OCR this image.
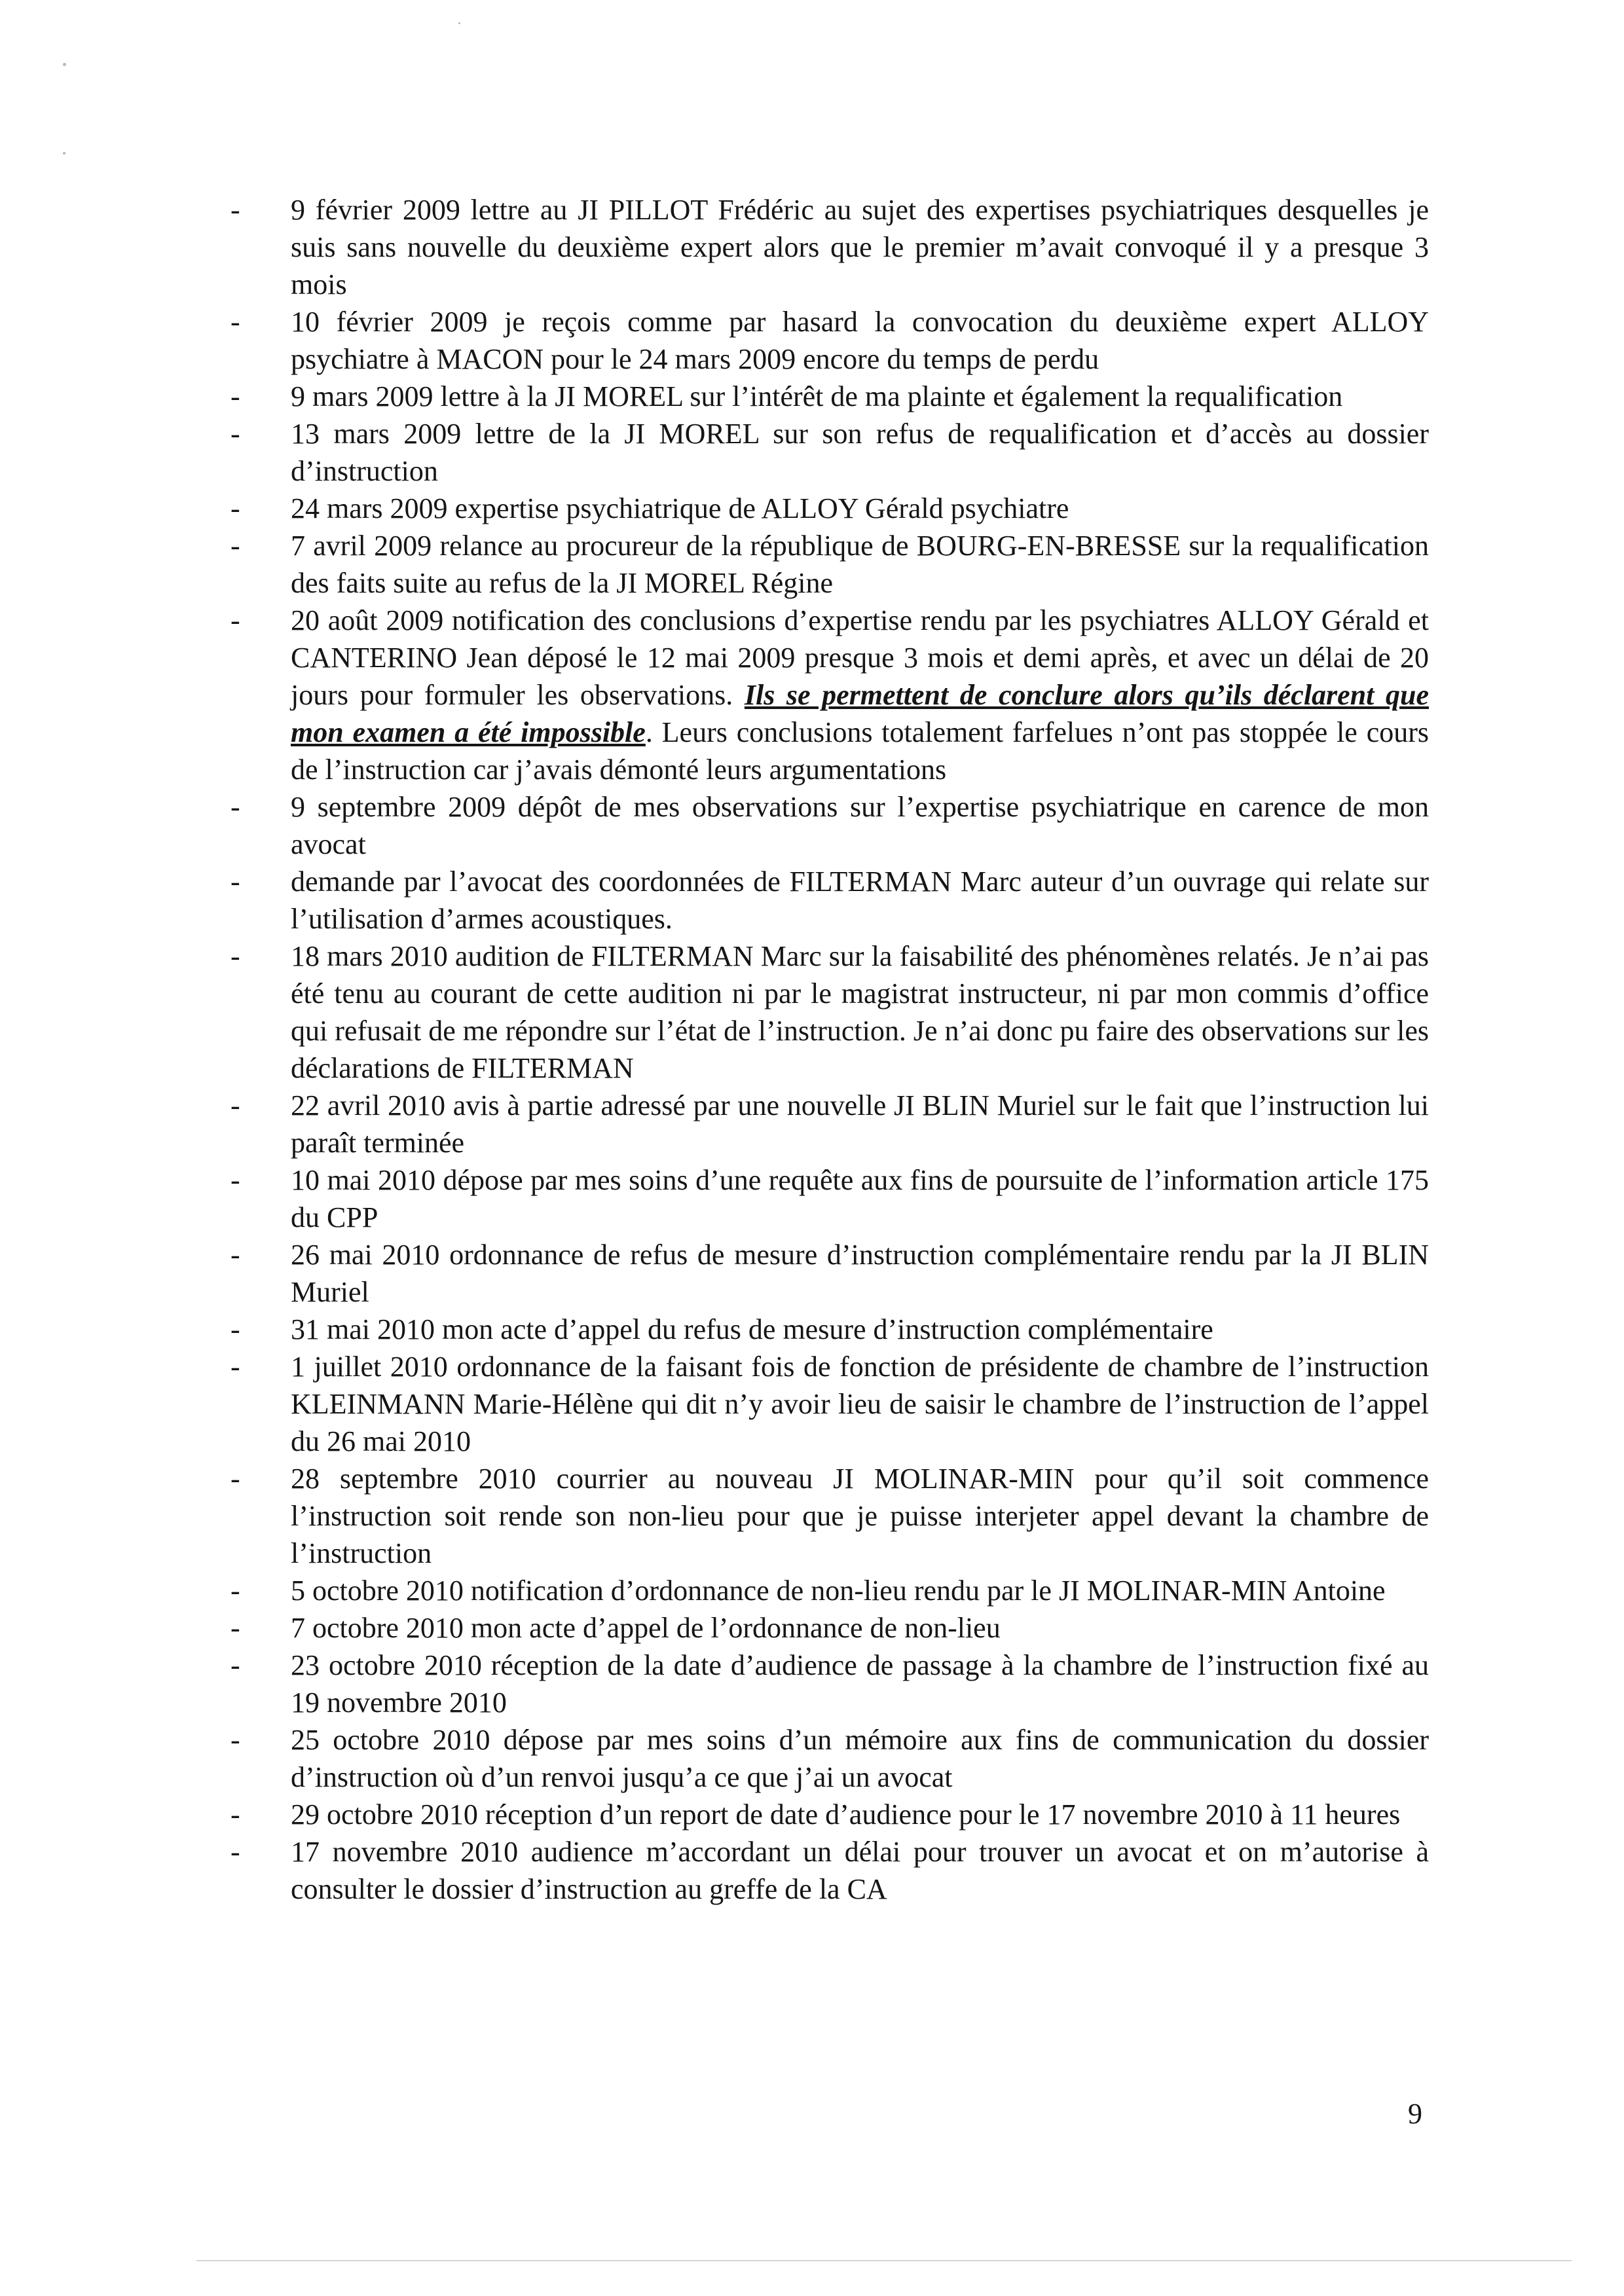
- 9 février 2009 lettre au JI PILLOT Frédéric au sujet des expertises psychiatriques desquelles je suis sans nouvelle du deuxième expert alors que le premier m’avait convoqué il y a presque 3 mois
- 10 février 2009 je reçois comme par hasard la convocation du deuxième expert ALLOY psychiatre à MACON pour le 24 mars 2009 encore du temps de perdu
- 9 mars 2009 lettre à la JI MOREL sur l’intérêt de ma plainte et également la requalification
- 13 mars 2009 lettre de la JI MOREL sur son refus de requalification et d’accès au dossier d’instruction
- 24 mars 2009 expertise psychiatrique de ALLOY Gérald psychiatre
- 7 avril 2009 relance au procureur de la république de BOURG-EN-BRESSE sur la requalification des faits suite au refus de la JI MOREL Régine
- 20 août 2009 notification des conclusions d’expertise rendu par les psychiatres ALLOY Gérald et CANTERINO Jean déposé le 12 mai 2009 presque 3 mois et demi après, et avec un délai de 20 jours pour formuler les observations. Ils se permettent de conclure alors qu’ils déclarent que mon examen a été impossible. Leurs conclusions totalement farfelues n’ont pas stoppée le cours de l’instruction car j’avais démonté leurs argumentations
- 9 septembre 2009 dépôt de mes observations sur l’expertise psychiatrique en carence de mon avocat
- demande par l’avocat des coordonnées de FILTERMAN Marc auteur d’un ouvrage qui relate sur l’utilisation d’armes acoustiques.
- 18 mars 2010 audition de FILTERMAN Marc sur la faisabilité des phénomènes relatés. Je n’ai pas été tenu au courant de cette audition ni par le magistrat instructeur, ni par mon commis d’office qui refusait de me répondre sur l’état de l’instruction. Je n’ai donc pu faire des observations sur les déclarations de FILTERMAN
- 22 avril 2010 avis à partie adressé par une nouvelle JI BLIN Muriel sur le fait que l’instruction lui paraît terminée
- 10 mai 2010 dépose par mes soins d’une requête aux fins de poursuite de l’information article 175 du CPP
- 26 mai 2010 ordonnance de refus de mesure d’instruction complémentaire rendu par la JI BLIN Muriel
- 31 mai 2010 mon acte d’appel du refus de mesure d’instruction complémentaire
- 1 juillet 2010 ordonnance de la faisant fois de fonction de présidente de chambre de l’instruction KLEINMANN Marie-Hélène qui dit n’y avoir lieu de saisir le chambre de l’instruction de l’appel du 26 mai 2010
- 28 septembre 2010 courrier au nouveau JI MOLINAR-MIN pour qu’il soit commence l’instruction soit rende son non-lieu pour que je puisse interjeter appel devant la chambre de l’instruction
- 5 octobre 2010 notification d’ordonnance de non-lieu rendu par le JI MOLINAR-MIN Antoine
- 7 octobre 2010 mon acte d’appel de l’ordonnance de non-lieu
- 23 octobre 2010 réception de la date d’audience de passage à la chambre de l’instruction fixé au 19 novembre 2010
- 25 octobre 2010 dépose par mes soins d’un mémoire aux fins de communication du dossier d’instruction où d’un renvoi jusqu’a ce que j’ai un avocat
- 29 octobre 2010 réception d’un report de date d’audience pour le 17 novembre 2010 à 11 heures
- 17 novembre 2010 audience m’accordant un délai pour trouver un avocat et on m’autorise à consulter le dossier d’instruction au greffe de la CA
9
